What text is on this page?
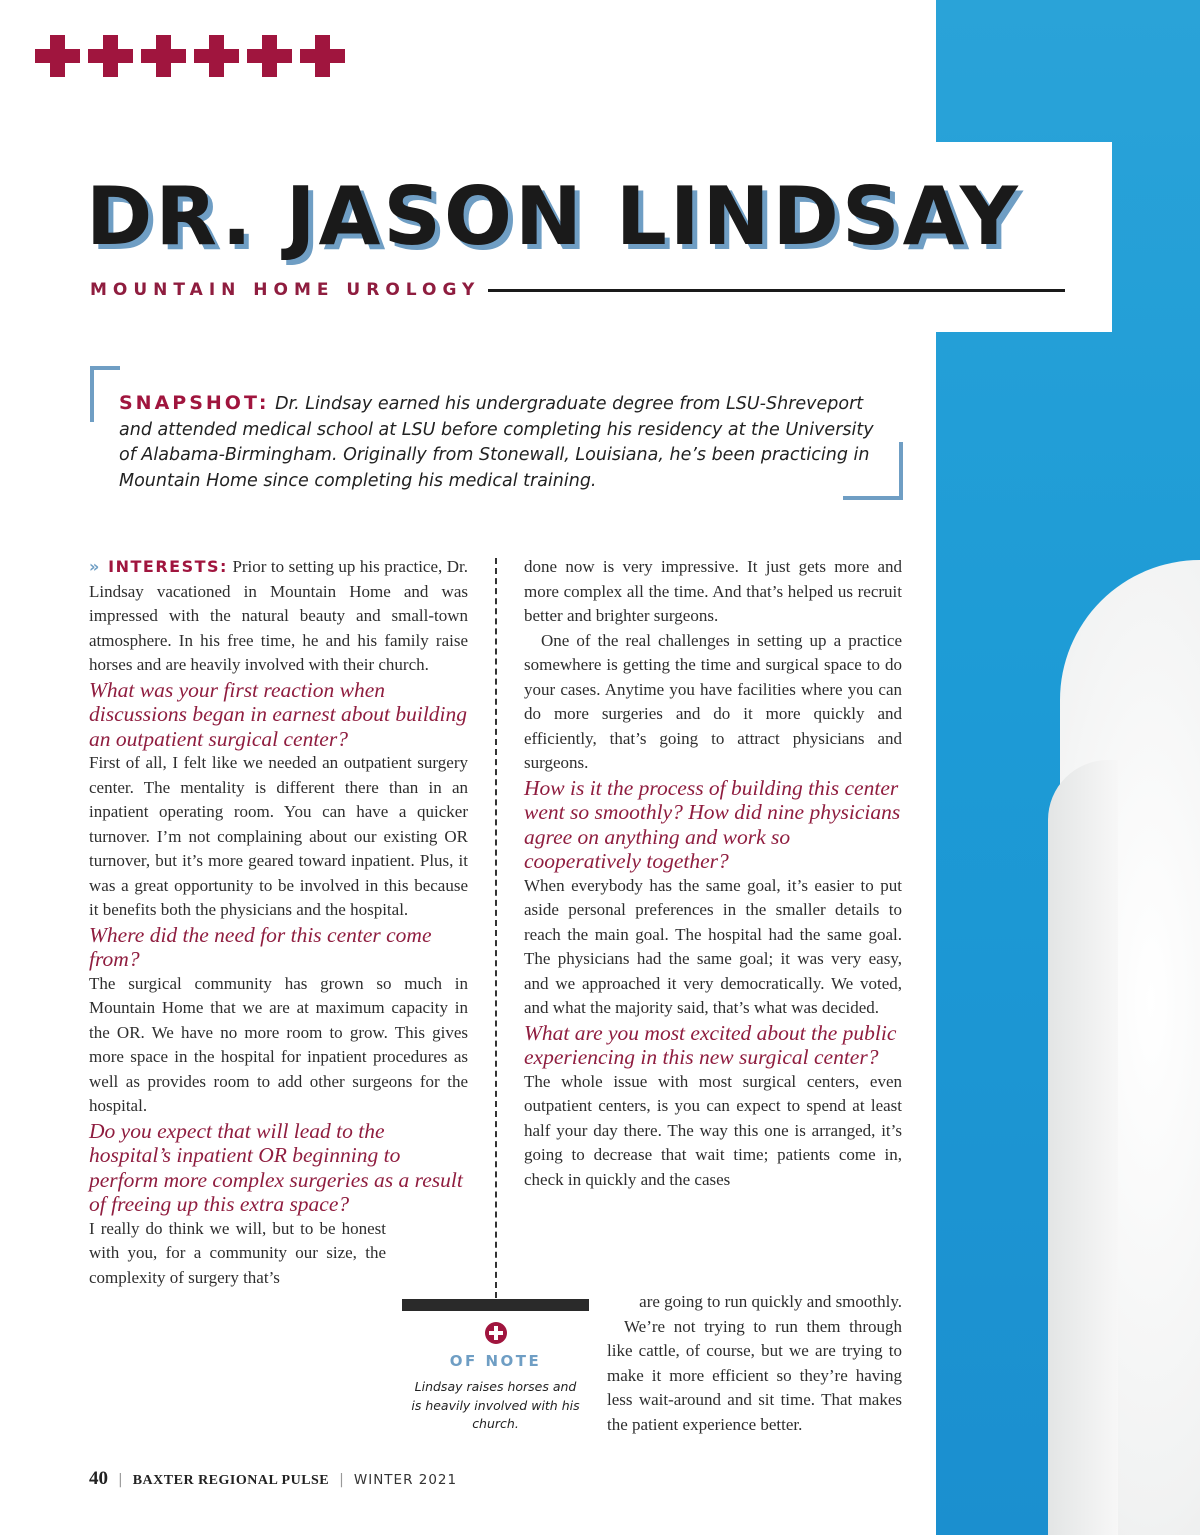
DR. JASON LINDSAY
MOUNTAIN HOME UROLOGY
SNAPSHOT: Dr. Lindsay earned his undergraduate degree from LSU-Shreveport and attended medical school at LSU before completing his residency at the University of Alabama-Birmingham. Originally from Stonewall, Louisiana, he’s been practicing in Mountain Home since completing his medical training.

» INTERESTS: Prior to setting up his practice, Dr. Lindsay vacationed in Mountain Home and was impressed with the natural beauty and small-town atmosphere. In his free time, he and his family raise horses and are heavily involved with their church.

What was your first reaction when discussions began in earnest about building an outpatient surgical center?

First of all, I felt like we needed an outpatient surgery center. The mentality is different there than in an inpatient operating room. You can have a quicker turnover. I’m not complaining about our existing OR turnover, but it’s more geared toward inpatient. Plus, it was a great opportunity to be involved in this because it benefits both the physicians and the hospital.

Where did the need for this center come from?

The surgical community has grown so much in Mountain Home that we are at maximum capacity in the OR. We have no more room to grow. This gives more space in the hospital for inpatient procedures as well as provides room to add other surgeons for the hospital.

Do you expect that will lead to the hospital’s inpatient OR beginning to perform more complex surgeries as a result of freeing up this extra space?

I really do think we will, but to be honest with you, for a community our size, the complexity of surgery that’s

done now is very impressive. It just gets more and more complex all the time. And that’s helped us recruit better and brighter surgeons.

One of the real challenges in setting up a practice somewhere is getting the time and surgical space to do your cases. Anytime you have facilities where you can do more surgeries and do it more quickly and efficiently, that’s going to attract physicians and surgeons.

How is it the process of building this center went so smoothly? How did nine physicians agree on anything and work so cooperatively together?

When everybody has the same goal, it’s easier to put aside personal preferences in the smaller details to reach the main goal. The hospital had the same goal. The physicians had the same goal; it was very easy, and we approached it very democratically. We voted, and what the majority said, that’s what was decided.

What are you most excited about the public experiencing in this new surgical center?

The whole issue with most surgical centers, even outpatient centers, is you can expect to spend at least half your day there. The way this one is arranged, it’s going to decrease that wait time; patients come in, check in quickly and the cases

are going to run quickly and smoothly.

We’re not trying to run them through like cattle, of course, but we are trying to make it more efficient so they’re having less wait-around and sit time. That makes the patient experience better.

OF NOTE
Lindsay raises horses and is heavily involved with his church.
40 | BAXTER REGIONAL PULSE | WINTER 2021
